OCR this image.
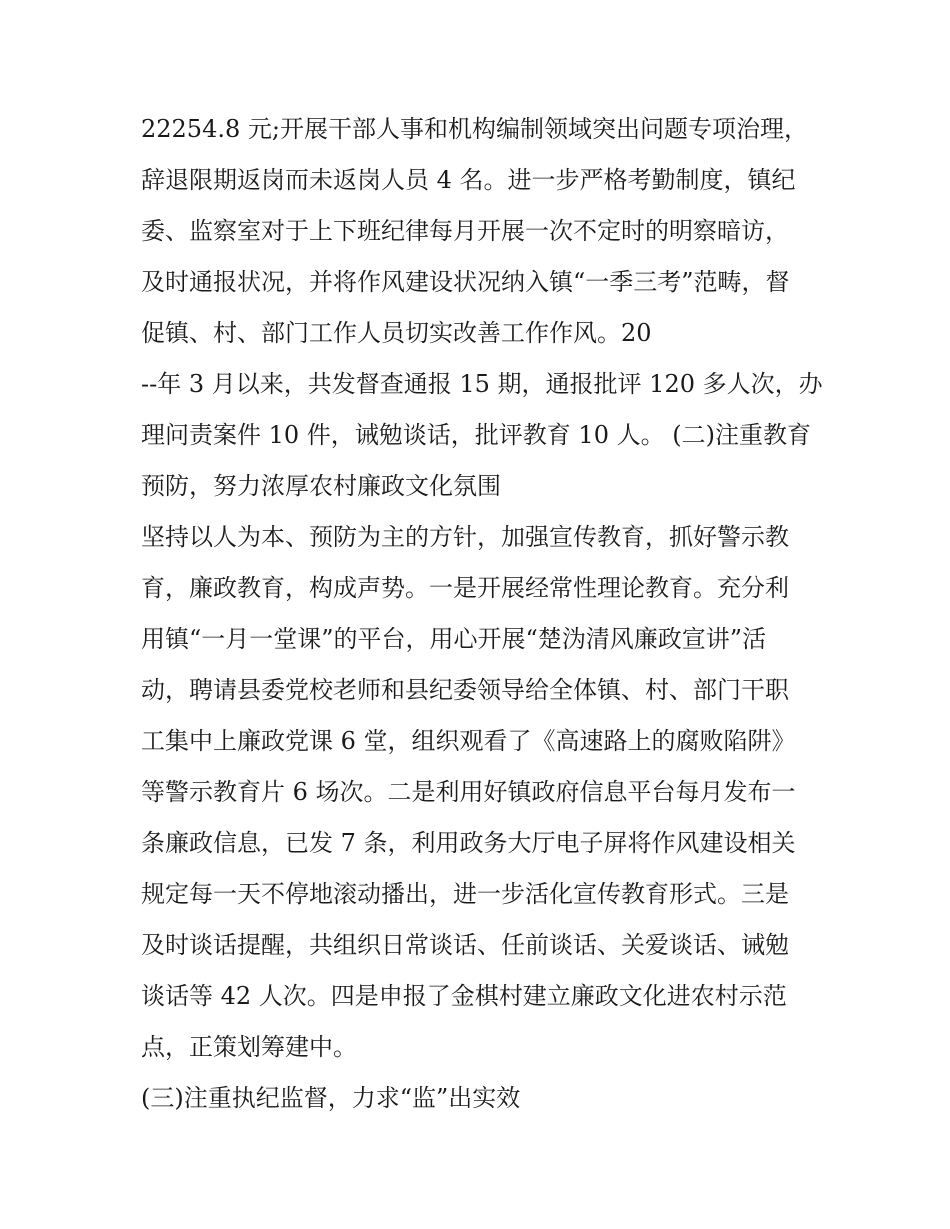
22254.8 元;开展干部人事和机构编制领域突出问题专项治理，
辞退限期返岗而未返岗人员 4 名。进一步严格考勤制度，镇纪
委、监察室对于上下班纪律每月开展一次不定时的明察暗访，
及时通报状况，并将作风建设状况纳入镇“一季三考”范畴，督
促镇、村、部门工作人员切实改善工作作风。20
--年 3 月以来，共发督查通报 15 期，通报批评 120 多人次，办
理问责案件 10 件，诫勉谈话，批评教育 10 人。 (二)注重教育
预防，努力浓厚农村廉政文化氛围
坚持以人为本、预防为主的方针，加强宣传教育，抓好警示教
育，廉政教育，构成声势。一是开展经常性理论教育。充分利
用镇“一月一堂课”的平台，用心开展“楚沩清风廉政宣讲”活
动，聘请县委党校老师和县纪委领导给全体镇、村、部门干职
工集中上廉政党课 6 堂，组织观看了《高速路上的腐败陷阱》
等警示教育片 6 场次。二是利用好镇政府信息平台每月发布一
条廉政信息，已发 7 条，利用政务大厅电子屏将作风建设相关
规定每一天不停地滚动播出，进一步活化宣传教育形式。三是
及时谈话提醒，共组织日常谈话、任前谈话、关爱谈话、诫勉
谈话等 42 人次。四是申报了金棋村建立廉政文化进农村示范
点，正策划筹建中。
(三)注重执纪监督，力求“监”出实效
